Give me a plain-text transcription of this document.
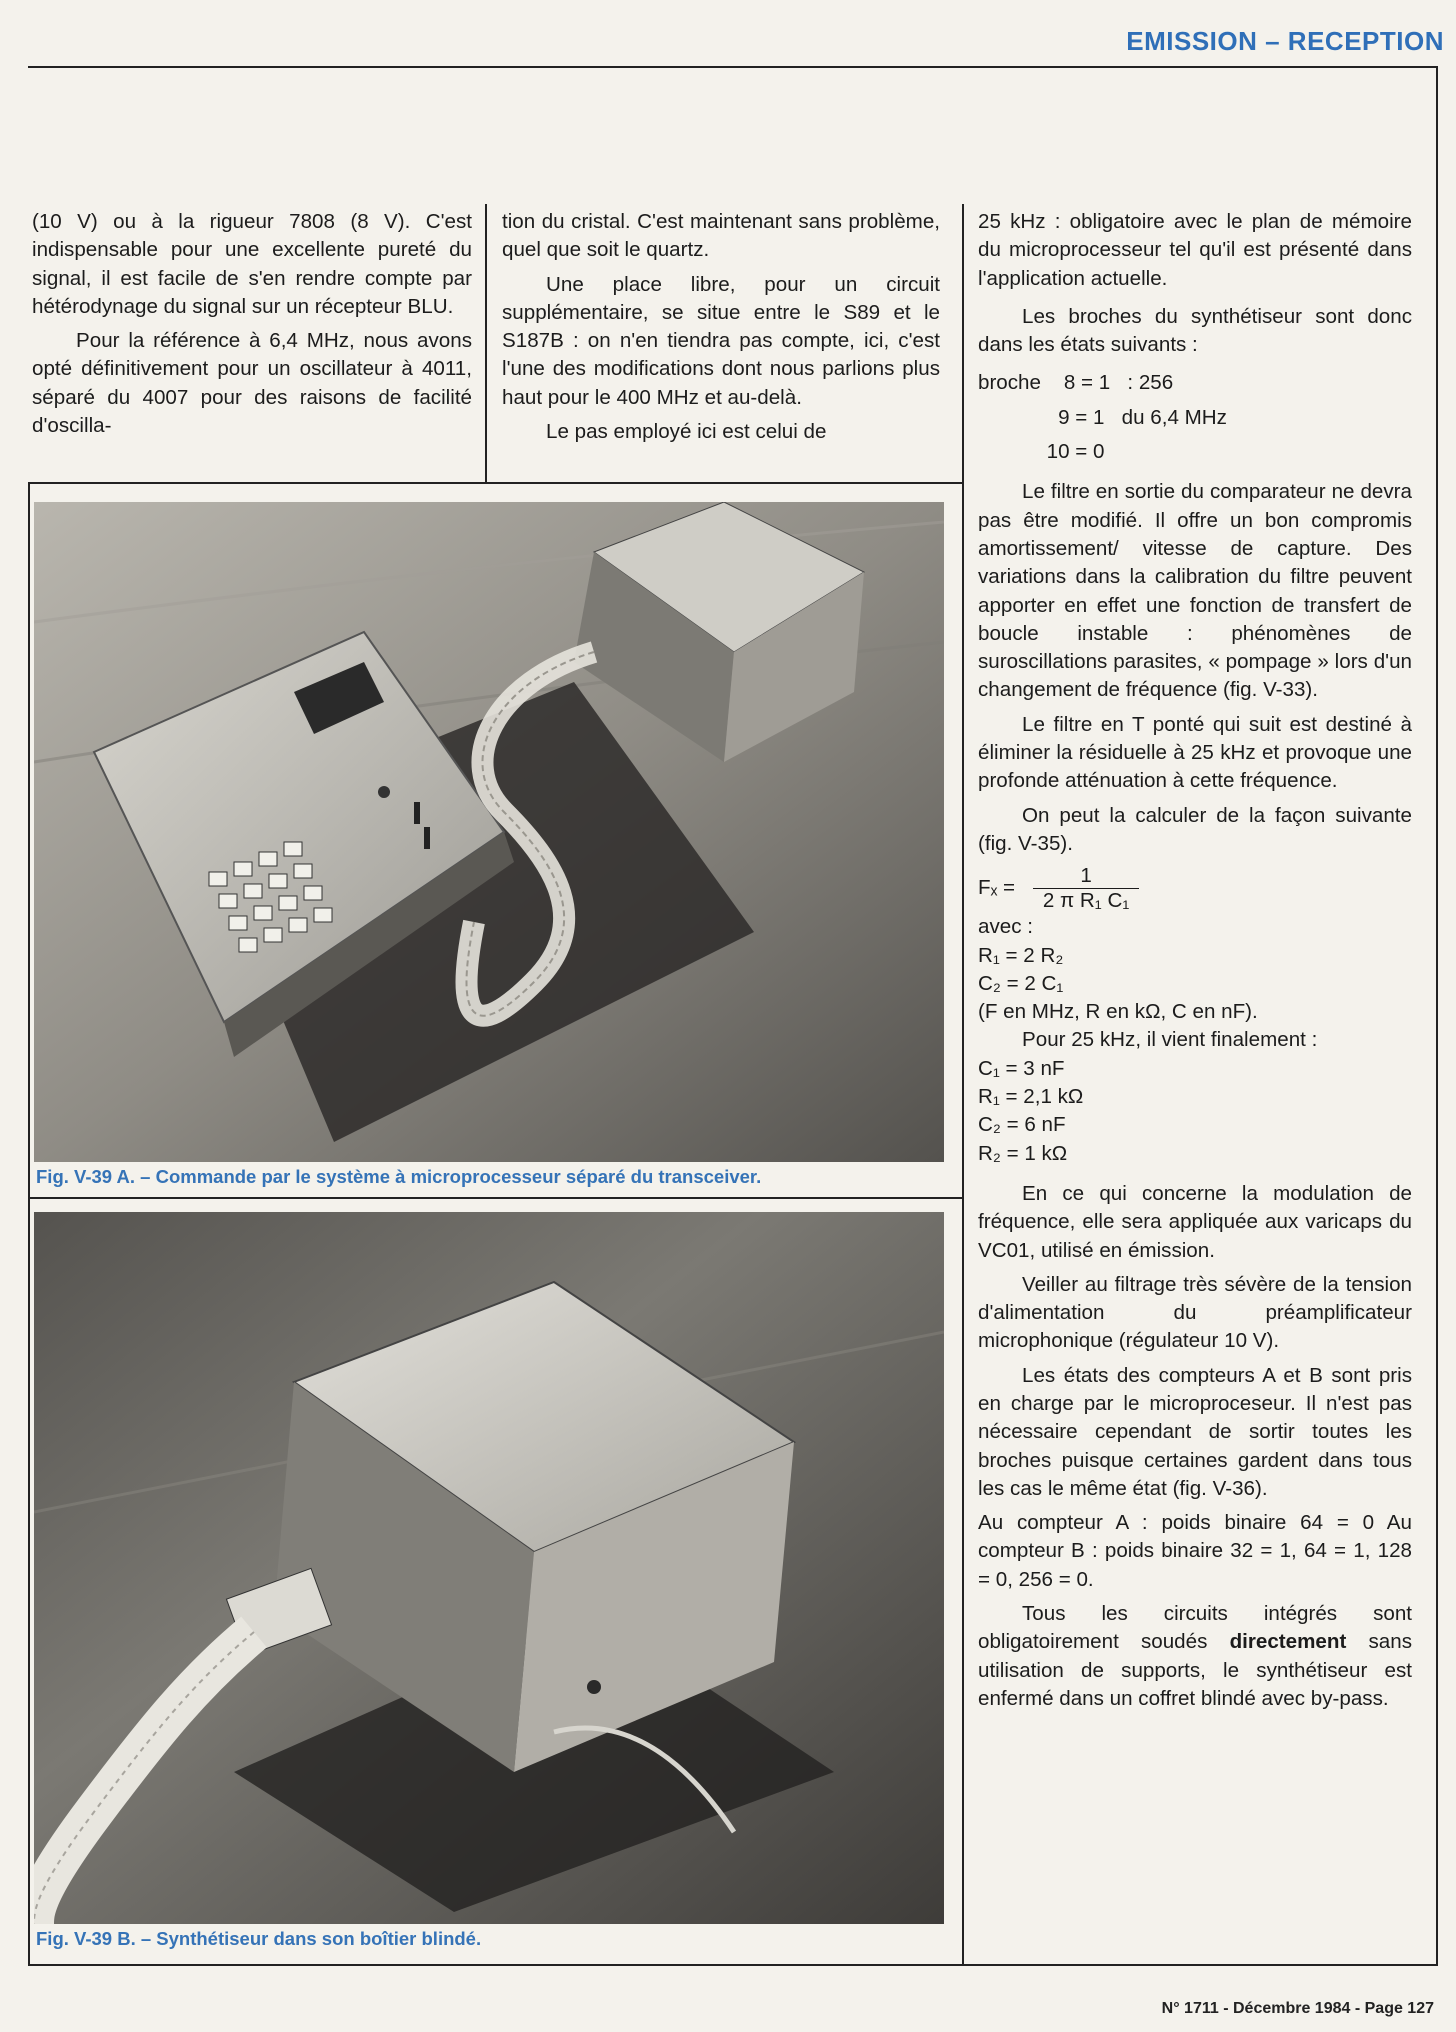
EMISSION – RECEPTION

(10 V) ou à la rigueur 7808 (8 V). C'est indispensable pour une excellente pureté du signal, il est facile de s'en rendre compte par hétérodynage du signal sur un récepteur BLU.

Pour la référence à 6,4 MHz, nous avons opté définitivement pour un oscillateur à 4011, séparé du 4007 pour des raisons de facilité d'oscilla-

tion du cristal. C'est maintenant sans problème, quel que soit le quartz.

Une place libre, pour un circuit supplémentaire, se situe entre le S89 et le S187B : on n'en tiendra pas compte, ici, c'est l'une des modifications dont nous parlions plus haut pour le 400 MHz et au-delà.

Le pas employé ici est celui de

Fig. V-39 A. – Commande par le système à microprocesseur séparé du transceiver.
Fig. V-39 B. – Synthétiseur dans son boîtier blindé.

25 kHz : obligatoire avec le plan de mémoire du microprocesseur tel qu'il est présenté dans l'application actuelle.

Les broches du synthétiseur sont donc dans les états suivants :

broche    8 = 1   : 256

9 = 1   du 6,4 MHz

10 = 0

Le filtre en sortie du comparateur ne devra pas être modifié. Il offre un bon compromis amortissement/ vitesse de capture. Des variations dans la calibration du filtre peuvent apporter en effet une fonction de transfert de boucle instable : phénomènes de suroscillations parasites, « pompage » lors d'un changement de fréquence (fig. V-33).

Le filtre en T ponté qui suit est destiné à éliminer la résiduelle à 25 kHz et provoque une profonde atténuation à cette fréquence.

On peut la calculer de la façon suivante (fig. V-35).

$F_x = \frac{1}{\text{2 π R₁ C₁}}$

avec :

R₁ = 2 R₂

C₂ = 2 C₁

(F en MHz, R en kΩ, C en nF).

Pour 25 kHz, il vient finalement :

C₁ = 3 nF

R₁ = 2,1 kΩ

C₂ = 6 nF

R₂ = 1 kΩ

En ce qui concerne la modulation de fréquence, elle sera appliquée aux varicaps du VC01, utilisé en émission.

Veiller au filtrage très sévère de la tension d'alimentation du préamplificateur microphonique (régulateur 10 V).

Les états des compteurs A et B sont pris en charge par le microproceseur. Il n'est pas nécessaire cependant de sortir toutes les broches puisque certaines gardent dans tous les cas le même état (fig. V-36).

Au compteur A : poids binaire 64 = 0 Au compteur B : poids binaire 32 = 1, 64 = 1, 128 = 0, 256 = 0.

Tous les circuits intégrés sont obligatoirement soudés directement sans utilisation de supports, le synthétiseur est enfermé dans un coffret blindé avec by-pass.

N° 1711 - Décembre 1984 - Page 127
